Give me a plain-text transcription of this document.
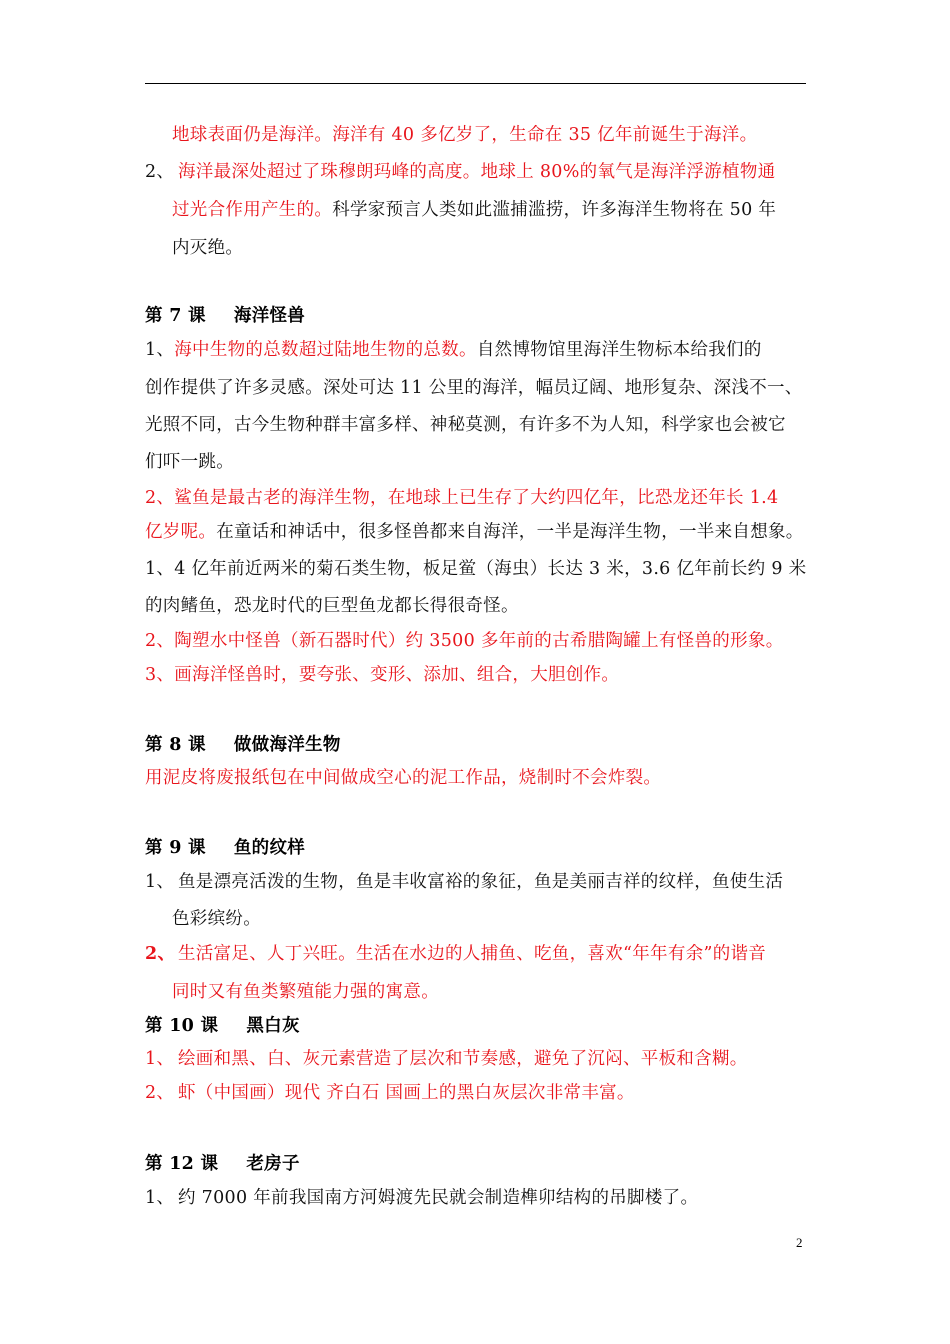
地球表面仍是海洋。海洋有 40 多亿岁了，生命在 35 亿年前诞生于海洋。
2、 海洋最深处超过了珠穆朗玛峰的高度。地球上 80%的氧气是海洋浮游植物通
过光合作用产生的。科学家预言人类如此滥捕滥捞，许多海洋生物将在 50 年
内灭绝。
第 7 课 海洋怪兽
1、海中生物的总数超过陆地生物的总数。自然博物馆里海洋生物标本给我们的
创作提供了许多灵感。深处可达 11 公里的海洋，幅员辽阔、地形复杂、深浅不一、
光照不同，古今生物种群丰富多样、神秘莫测，有许多不为人知，科学家也会被它
们吓一跳。
2、鲨鱼是最古老的海洋生物，在地球上已生存了大约四亿年，比恐龙还年长 1.4
亿岁呢。在童话和神话中，很多怪兽都来自海洋，一半是海洋生物，一半来自想象。
1、4 亿年前近两米的菊石类生物，板足鲎（海虫）长达 3 米，3.6 亿年前长约 9 米
的肉鳍鱼，恐龙时代的巨型鱼龙都长得很奇怪。
2、陶塑水中怪兽（新石器时代）约 3500 多年前的古希腊陶罐上有怪兽的形象。
3、画海洋怪兽时，要夸张、变形、添加、组合，大胆创作。
第 8 课 做做海洋生物
用泥皮将废报纸包在中间做成空心的泥工作品，烧制时不会炸裂。
第 9 课 鱼的纹样
1、 鱼是漂亮活泼的生物，鱼是丰收富裕的象征，鱼是美丽吉祥的纹样，鱼使生活
色彩缤纷。
2、 生活富足、人丁兴旺。生活在水边的人捕鱼、吃鱼，喜欢“年年有余”的谐音
同时又有鱼类繁殖能力强的寓意。
第 10 课 黑白灰
1、 绘画和黑、白、灰元素营造了层次和节奏感，避免了沉闷、平板和含糊。
2、 虾（中国画）现代 齐白石 国画上的黑白灰层次非常丰富。
第 12 课 老房子
1、 约 7000 年前我国南方河姆渡先民就会制造榫卯结构的吊脚楼了。
2
